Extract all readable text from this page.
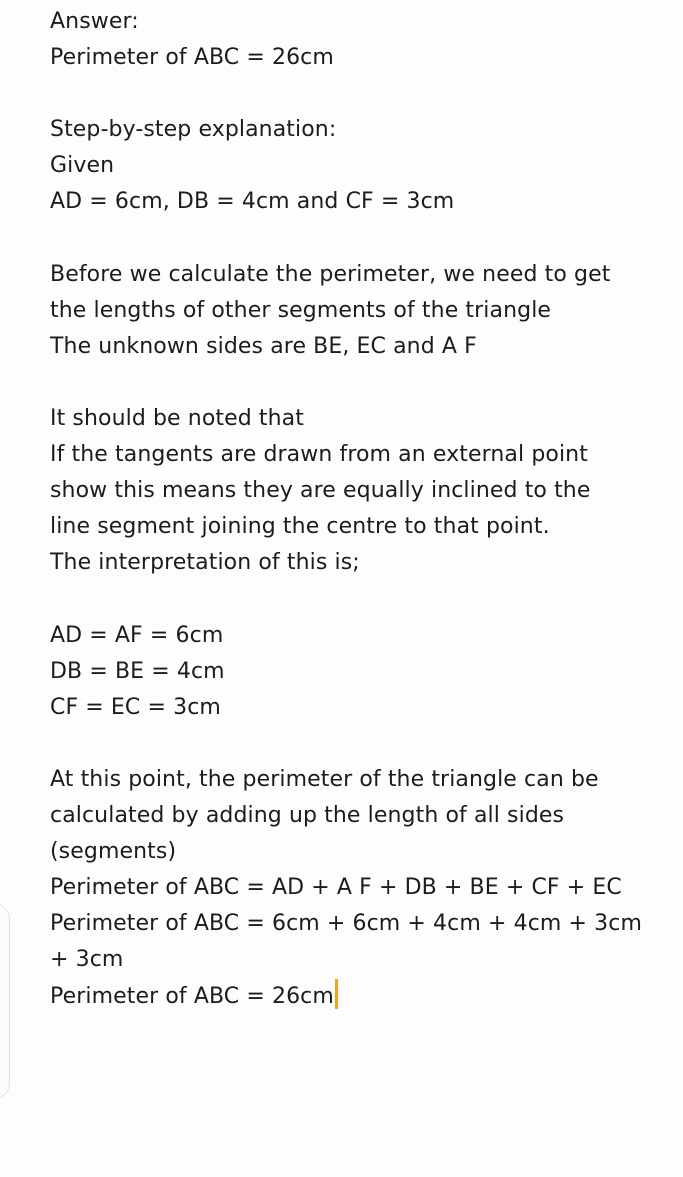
Answer:
Perimeter of ABC = 26cm
Step-by-step explanation:
Given
AD = 6cm, DB = 4cm and CF = 3cm
Before we calculate the perimeter, we need to get
the lengths of other segments of the triangle
The unknown sides are BE, EC and A F
It should be noted that
If the tangents are drawn from an external point
show this means they are equally inclined to the
line segment joining the centre to that point.
The interpretation of this is;
AD = AF = 6cm
DB = BE = 4cm
CF = EC = 3cm
At this point, the perimeter of the triangle can be
calculated by adding up the length of all sides
(segments)
Perimeter of ABC = AD + A F + DB + BE + CF + EC
Perimeter of ABC = 6cm + 6cm + 4cm + 4cm + 3cm
+ 3cm
Perimeter of ABC = 26cm
